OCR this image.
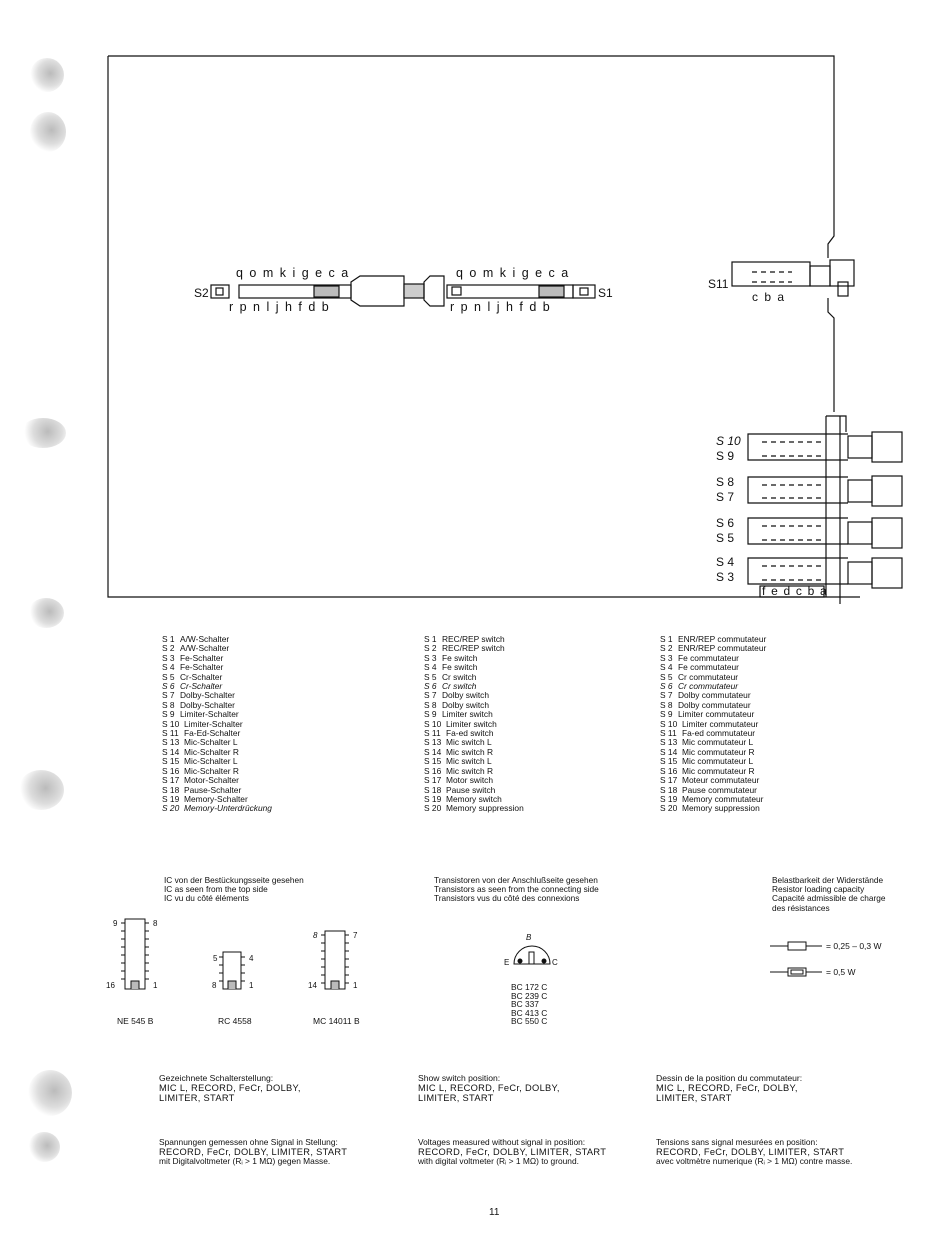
q o m k i g e c a
r p n l j h f d b
q o m k i g e c a
r p n l j h f d b
S2	S1
S11
c b a
S 10
S 9
S 8
S 7
S 6
S 5
S 4
S 3
f e d c b a
S 1 A/W-Schalter
S 2 A/W-Schalter
S 3 Fe-Schalter
S 4 Fe-Schalter
S 5 Cr-Schalter
S 6 Cr-Schalter
S 7 Dolby-Schalter
S 8 Dolby-Schalter
S 9 Limiter-Schalter
S 10 Limiter-Schalter
S 11 Fa-Ed-Schalter
S 13 Mic-Schalter L
S 14 Mic-Schalter R
S 15 Mic-Schalter L
S 16 Mic-Schalter R
S 17 Motor-Schalter
S 18 Pause-Schalter
S 19 Memory-Schalter
S 20 Memory-Unterdrückung
S 1 REC/REP switch
S 2 REC/REP switch
S 3 Fe switch
S 4 Fe switch
S 5 Cr switch
S 6 Cr switch
S 7 Dolby switch
S 8 Dolby switch
S 9 Limiter switch
S 10 Limiter switch
S 11 Fa-ed switch
S 13 Mic switch L
S 14 Mic switch R
S 15 Mic switch L
S 16 Mic switch R
S 17 Motor switch
S 18 Pause switch
S 19 Memory switch
S 20 Memory suppression
S 1 ENR/REP commutateur
S 2 ENR/REP commutateur
S 3 Fe commutateur
S 4 Fe commutateur
S 5 Cr commutateur
S 6 Cr commutateur
S 7 Dolby commutateur
S 8 Dolby commutateur
S 9 Limiter commutateur
S 10 Limiter commutateur
S 11 Fa-ed commutateur
S 13 Mic commutateur L
S 14 Mic commutateur R
S 15 Mic commutateur L
S 16 Mic commutateur R
S 17 Moteur commutateur
S 18 Pause commutateur
S 19 Memory commutateur
S 20 Memory suppression
IC von der Bestückungsseite gesehen
IC as seen from the top side
IC vu du côté éléments
Transistoren von der Anschlußseite gesehen
Transistors as seen from the connecting side
Transistors vus du côté des connexions
Belastbarkeit der Widerstände
Resistor loading capacity
Capacité admissible de charge
des résistances
9	8
16	1
5	4
8	1
8	7
14	1
NE 545 B	RC 4558	MC 14011 B
B
E	C
BC 172 C
BC 239 C
BC 337
BC 413 C
BC 550 C
= 0,25 – 0,3 W
= 0,5 W
Gezeichnete Schalterstellung:
MIC L, RECORD, FeCr, DOLBY,
LIMITER, START
Show switch position:
MIC L, RECORD, FeCr, DOLBY,
LIMITER, START
Dessin de la position du commutateur:
MIC L, RECORD, FeCr, DOLBY,
LIMITER, START
Spannungen gemessen ohne Signal in Stellung:
RECORD, FeCr, DOLBY, LIMITER, START
mit Digitalvoltmeter (Rᵢ > 1 MΩ) gegen Masse.
Voltages measured without signal in position:
RECORD, FeCr, DOLBY, LIMITER, START
with digital voltmeter (Rᵢ > 1 MΩ) to ground.
Tensions sans signal mesurées en position:
RECORD, FeCr, DOLBY, LIMITER, START
avec voltmètre numerique (Rᵢ > 1 MΩ) contre masse.
11
